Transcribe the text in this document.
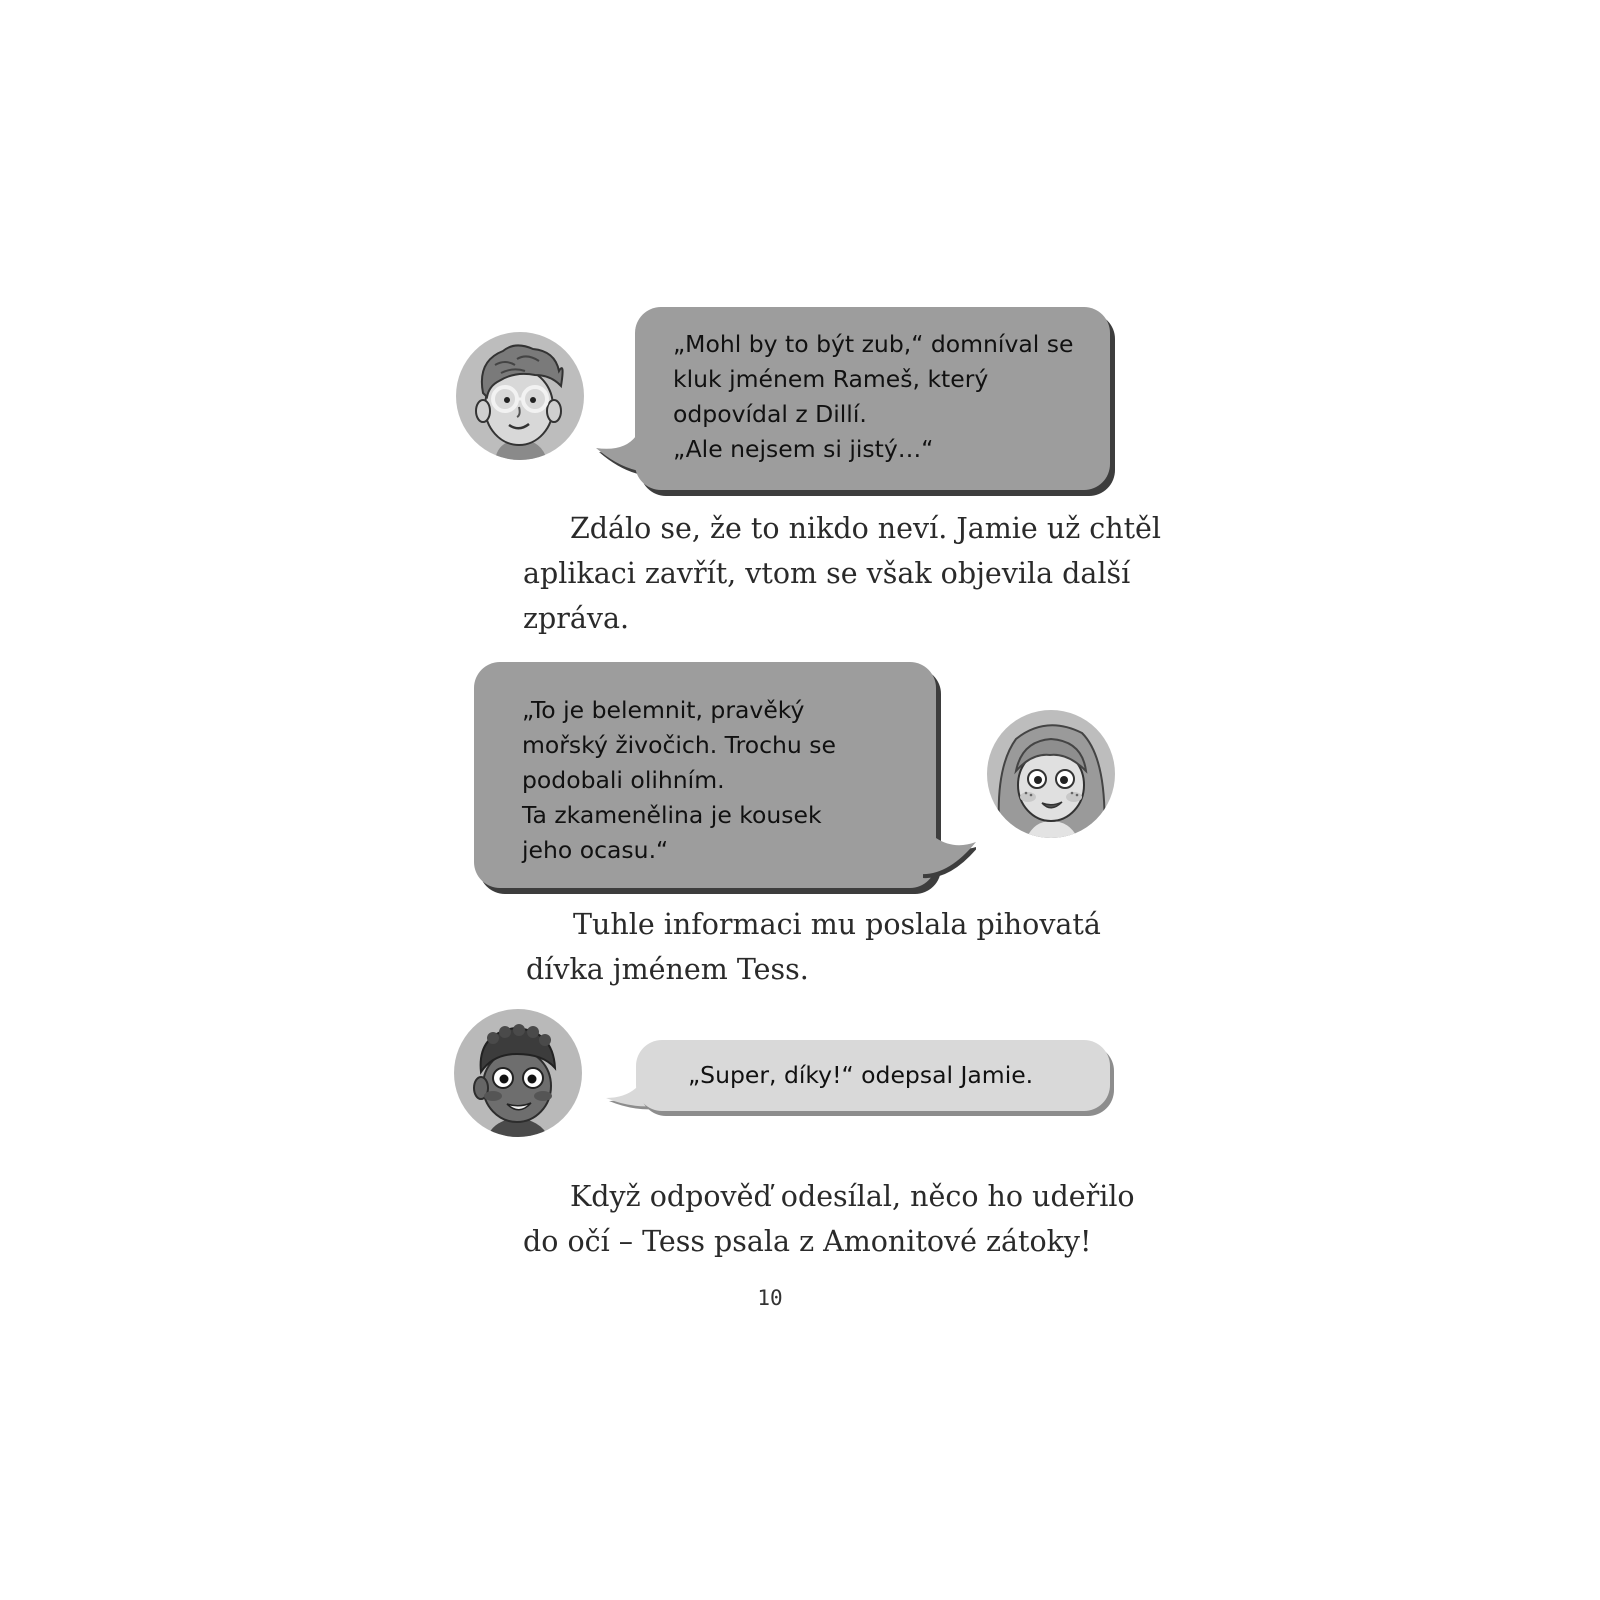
„Mohl by to být zub,“ domníval se
kluk jménem Rameš, který
odpovídal z Dillí.
„Ale nejsem si jistý…“
Zdálo se, že to nikdo neví. Jamie už chtěl
aplikaci zavřít, vtom se však objevila další
zpráva.
„To je belemnit, pravěký
mořský živočich. Trochu se
podobali olihním.
Ta zkamenělina je kousek
jeho ocasu.“
Tuhle informaci mu poslala pihovatá
dívka jménem Tess.
„Super, díky!“ odepsal Jamie.
Když odpověď odesílal, něco ho udeřilo
do očí – Tess psala z Amonitové zátoky!
10
